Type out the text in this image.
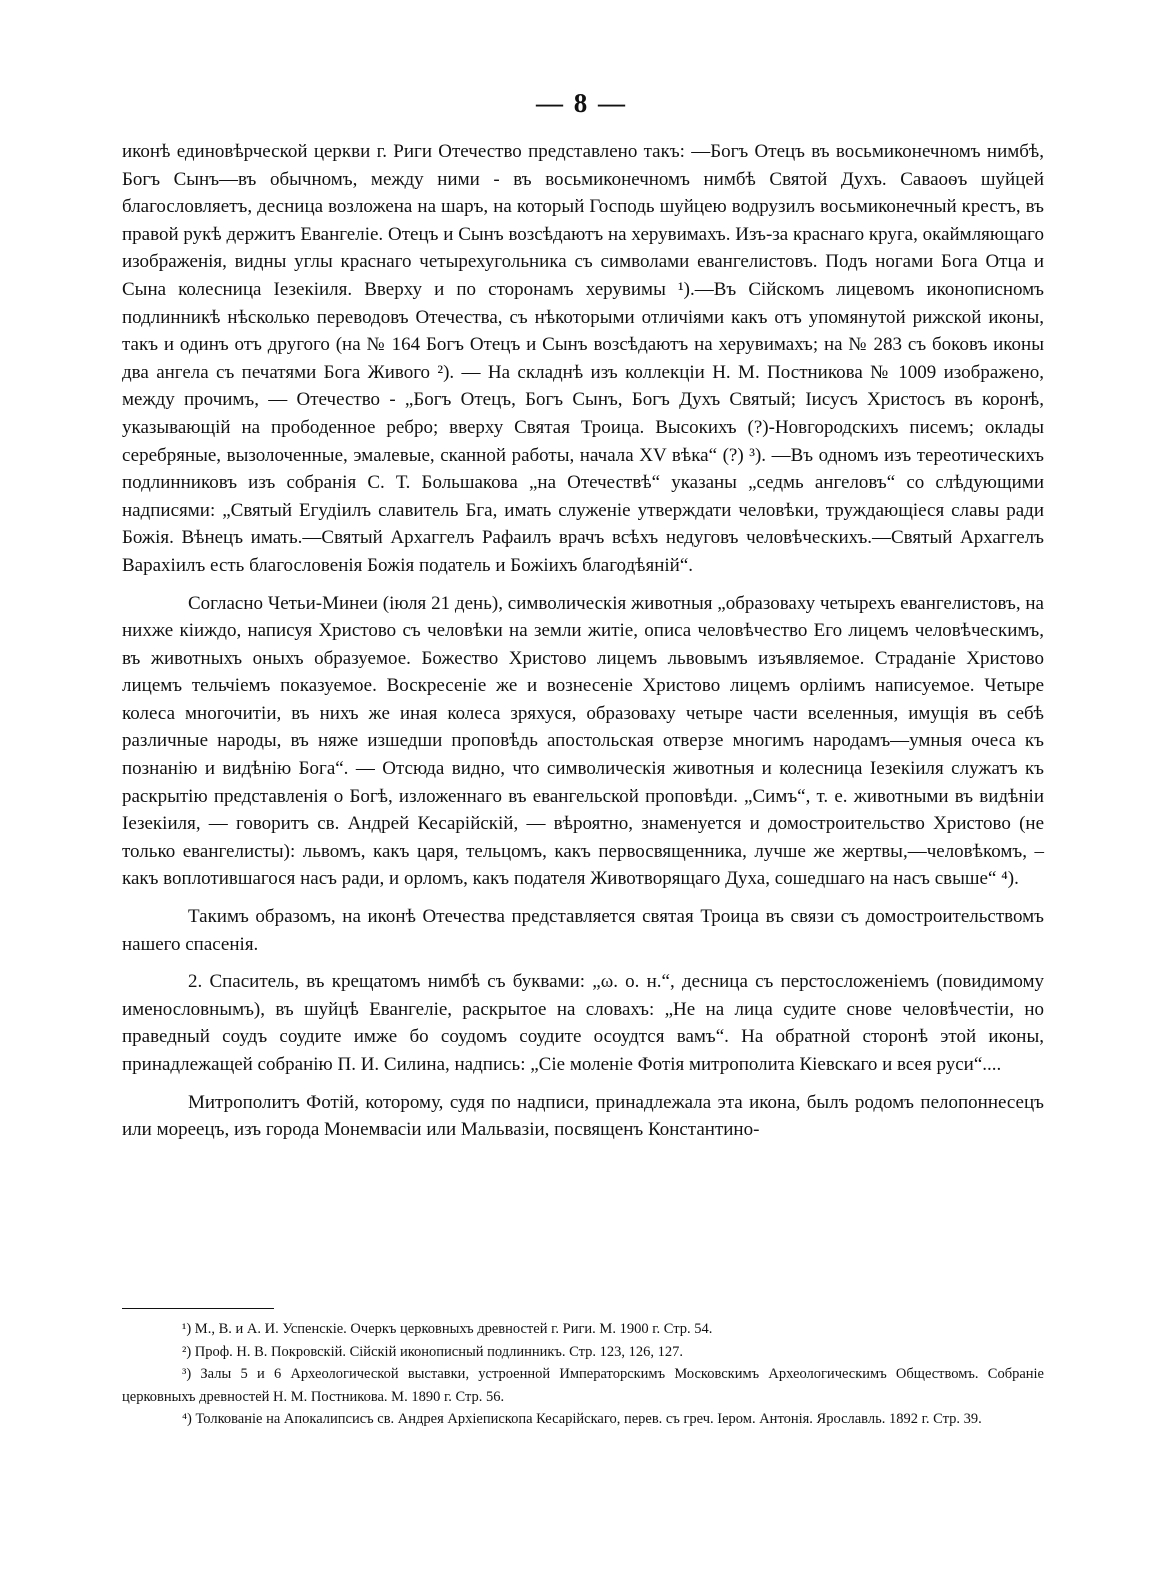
— 8 —

иконѣ единовѣрческой церкви г. Риги Отечество представлено такъ: —Богъ Отецъ въ восьмиконечномъ нимбѣ, Богъ Сынъ—въ обычномъ, между ними - въ восьмиконечномъ нимбѣ Святой Духъ. Саваоѳъ шуйцей благословляетъ, десница возложена на шаръ, на который Господь шуйцею водрузилъ восьмиконечный крестъ, въ правой рукѣ держитъ Евангеліе. Отецъ и Сынъ возсѣдаютъ на херувимахъ. Изъ-за краснаго круга, окаймляющаго изображенія, видны углы краснаго четырехугольника съ символами евангелистовъ. Подъ ногами Бога Отца и Сына колесница Іезекіиля. Вверху и по сторонамъ херувимы ¹).—Въ Сійскомъ лицевомъ иконописномъ подлинникѣ нѣсколько переводовъ Отечества, съ нѣкоторыми отличіями какъ отъ упомянутой рижской иконы, такъ и одинъ отъ другого (на № 164 Богъ Отецъ и Сынъ возсѣдаютъ на херувимахъ; на № 283 съ боковъ иконы два ангела съ печатями Бога Живого ²). — На складнѣ изъ коллекціи Н. М. Постникова № 1009 изображено, между прочимъ, — Отечество - „Богъ Отецъ, Богъ Сынъ, Богъ Духъ Святый; Іисусъ Христосъ въ коронѣ, указывающій на прободенное ребро; вверху Святая Троица. Высокихъ (?)-Новгородскихъ писемъ; оклады серебряные, вызолоченные, эмалевые, сканной работы, начала XV вѣка“ (?) ³). —Въ одномъ изъ тереотическихъ подлинниковъ изъ собранія С. Т. Большакова „на Отечествѣ“ указаны „седмь ангеловъ“ со слѣдующими надписями: „Святый Егудіилъ славитель Бга, имать служеніе утверждати человѣки, труждающіеся славы ради Божія. Вѣнецъ имать.—Святый Архаггелъ Рафаилъ врачъ всѣхъ недуговъ человѣческихъ.—Святый Архаггелъ Варахіилъ есть благословенія Божія податель и Божіихъ благодѣяній“.

Согласно Четьи-Минеи (іюля 21 день), символическія животныя „образоваху четырехъ евангелистовъ, на нихже кіиждо, написуя Христово съ человѣки на земли житіе, описа человѣчество Его лицемъ человѣческимъ, въ животныхъ оныхъ образуемое. Божество Христово лицемъ львовымъ изъявляемое. Страданіе Христово лицемъ тельчіемъ показуемое. Воскресеніе же и вознесеніе Христово лицемъ орліимъ написуемое. Четыре колеса многочитіи, въ нихъ же иная колеса зряхуся, образоваху четыре части вселенныя, имущія въ себѣ различные народы, въ няже изшедши проповѣдь апостольская отверзе многимъ народамъ—умныя очеса къ познанію и видѣнію Бога“. — Отсюда видно, что символическія животныя и колесница Іезекіиля служатъ къ раскрытію представленія о Богѣ, изложеннаго въ евангельской проповѣди. „Симъ“, т. е. животными въ видѣніи Іезекіиля, — говоритъ св. Андрей Кесарійскій, — вѣроятно, знаменуется и домостроительство Христово (не только евангелисты): львомъ, какъ царя, тельцомъ, какъ первосвященника, лучше же жертвы,—человѣкомъ, – какъ воплотившагося насъ ради, и орломъ, какъ подателя Животворящаго Духа, сошедшаго на насъ свыше“ ⁴).

Такимъ образомъ, на иконѣ Отечества представляется святая Троица въ связи съ домостроительствомъ нашего спасенія.

2. Спаситель, въ крещатомъ нимбѣ съ буквами: „ω. о. н.“, десница съ перстосложеніемъ (повидимому именословнымъ), въ шуйцѣ Евангеліе, раскрытое на словахъ: „Не на лица судите снове человѣчестіи, но праведный соудъ соудите имже бо соудомъ соудите осоудтся вамъ“. На обратной сторонѣ этой иконы, принадлежащей собранію П. И. Силина, надпись: „Сіе моленіе Фотія митрополита Кіевскаго и всея руси“....

Митрополитъ Фотій, которому, судя по надписи, принадлежала эта икона, былъ родомъ пелопоннесецъ или мореецъ, изъ города Монемвасіи или Мальвазіи, посвященъ Константино-

¹) М., В. и А. И. Успенскіе. Очеркъ церковныхъ древностей г. Риги. М. 1900 г. Стр. 54.

²) Проф. Н. В. Покровскій. Сійскій иконописный подлинникъ. Стр. 123, 126, 127.

³) Залы 5 и 6 Археологической выставки, устроенной Императорскимъ Московскимъ Археологическимъ Обществомъ. Собраніе церковныхъ древностей Н. М. Постникова. М. 1890 г. Стр. 56.

⁴) Толкованіе на Апокалипсисъ св. Андрея Архіепископа Кесарійскаго, перев. съ греч. Іером. Антонія. Ярославль. 1892 г. Стр. 39.
